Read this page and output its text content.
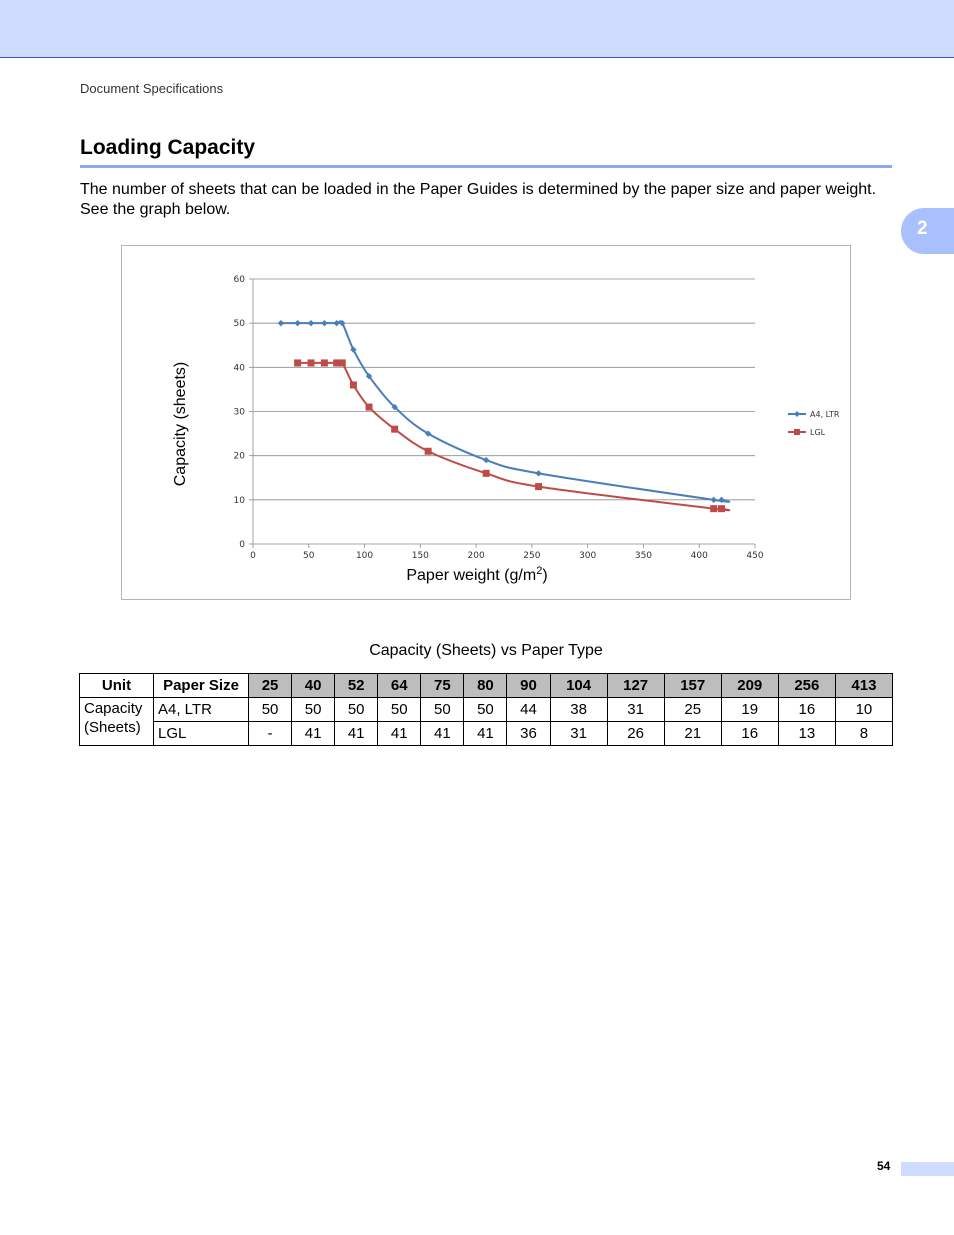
Document Specifications
Loading Capacity

The number of sheets that can be loaded in the Paper Guides is determined by the paper size and paper weight. See the graph below.

2
0
10
20
30
40
50
60
0	50	100	150	200	250	300	350	400	450
A4, LTR
LGL
Capacity (sheets)
Paper weight $(g/m^2)$
Capacity (Sheets) vs Paper Type
Unit	Paper Size	25	40	52	64	75	80	90	104	127	157	209	256	413
Capacity
(Sheets)	A4, LTR	50	50	50	50	50	50	44	38	31	25	19	16	10
	LGL	-	41	41	41	41	41	36	31	26	21	16	13	8
54
